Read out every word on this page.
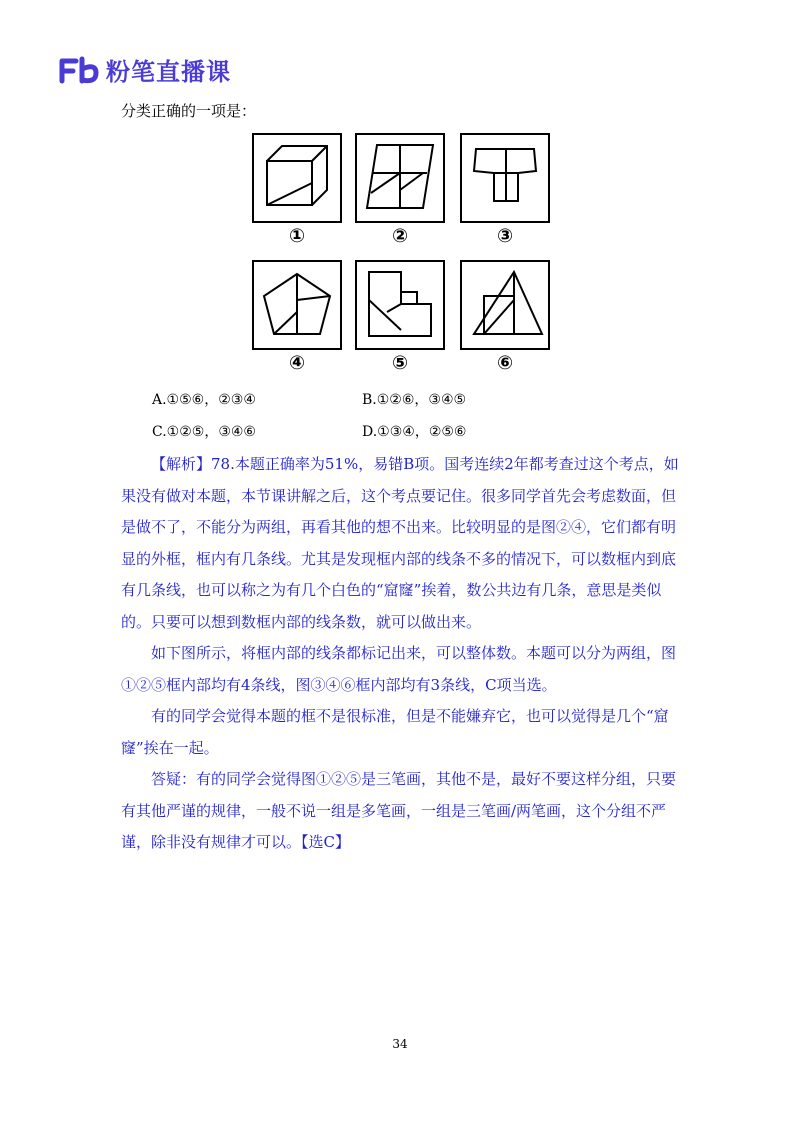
粉笔直播课
分类正确的一项是：
①	②	③
④	⑤	⑥
A.①⑤⑥，②③④	B.①②⑥，③④⑤
C.①②⑤，③④⑥	D.①③④，②⑤⑥

【解析】78.本题正确率为51%，易错B项。国考连续2年都考查过这个考点，如果没有做对本题，本节课讲解之后，这个考点要记住。很多同学首先会考虑数面，但是做不了，不能分为两组，再看其他的想不出来。比较明显的是图②④，它们都有明显的外框，框内有几条线。尤其是发现框内部的线条不多的情况下，可以数框内到底有几条线，也可以称之为有几个白色的“窟窿”挨着，数公共边有几条，意思是类似的。只要可以想到数框内部的线条数，就可以做出来。

如下图所示，将框内部的线条都标记出来，可以整体数。本题可以分为两组，图①②⑤框内部均有4条线，图③④⑥框内部均有3条线，C项当选。

有的同学会觉得本题的框不是很标准，但是不能嫌弃它，也可以觉得是几个“窟窿”挨在一起。

答疑：有的同学会觉得图①②⑤是三笔画，其他不是，最好不要这样分组，只要有其他严谨的规律，一般不说一组是多笔画，一组是三笔画/两笔画，这个分组不严谨，除非没有规律才可以。【选C】

34
